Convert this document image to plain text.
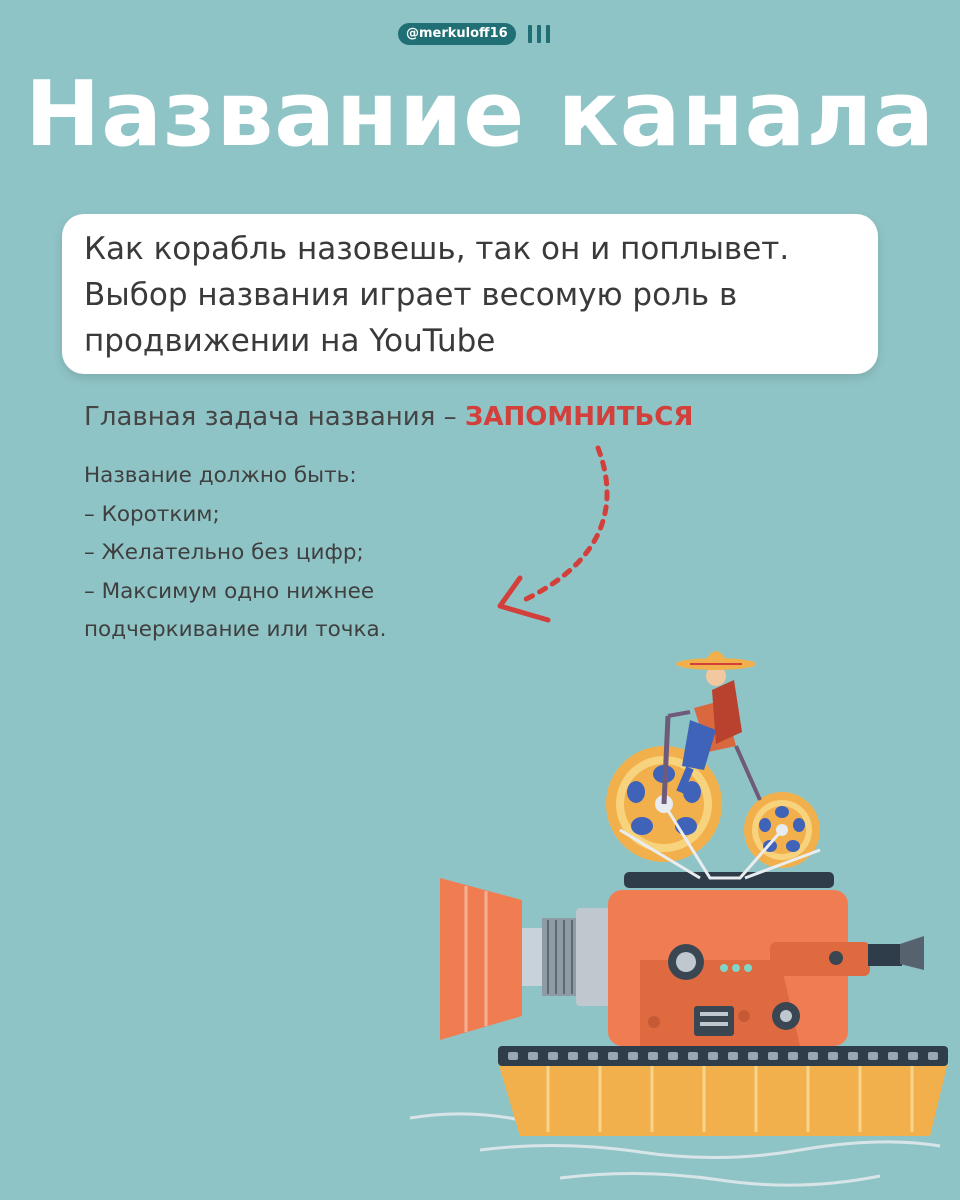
@merkuloff16
Название канала
Как корабль назовешь, так он и поплывет.
Выбор названия играет весомую роль в
продвижении на YouTube
Главная задача названия – ЗАПОМНИТЬСЯ
Название должно быть:
– Коротким;
– Желательно без цифр;
– Максимум одно нижнее
подчеркивание или точка.
